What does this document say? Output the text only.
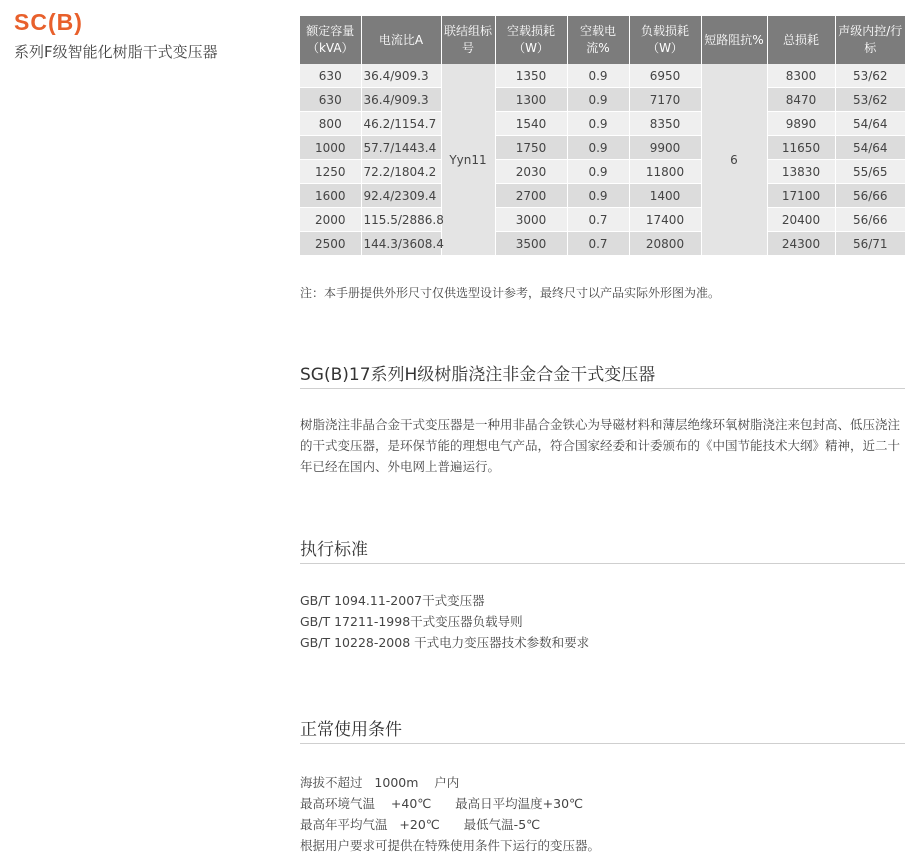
SC(B)
系列F级智能化树脂干式变压器
额定容量（kVA）	电流比A	联结组标号	空载损耗（W）	空载电流%	负载损耗（W）	短路阻抗%	总损耗	声级内控/行标
630	36.4/909.3	Yyn11	1350	0.9	6950	6	8300	53/62
630	36.4/909.3		1300	0.9	7170		8470	53/62
800	46.2/1154.7		1540	0.9	8350		9890	54/64
1000	57.7/1443.4		1750	0.9	9900		11650	54/64
1250	72.2/1804.2		2030	0.9	11800		13830	55/65
1600	92.4/2309.4		2700	0.9	1400		17100	56/66
2000	115.5/2886.8		3000	0.7	17400		20400	56/66
2500	144.3/3608.4		3500	0.7	20800		24300	56/71
注：本手册提供外形尺寸仅供选型设计参考，最终尺寸以产品实际外形图为准。
SG(B)17系列H级树脂浇注非金合金干式变压器
树脂浇注非晶合金干式变压器是一种用非晶合金铁心为导磁材料和薄层绝缘环氧树脂浇注来包封高、低压浇注的干式变压器，是环保节能的理想电气产品，符合国家经委和计委颁布的《中国节能技术大纲》精神，近二十年已经在国内、外电网上普遍运行。
执行标准
GB/T 1094.11-2007干式变压器
GB/T 17211-1998干式变压器负载导则
GB/T 10228-2008 干式电力变压器技术参数和要求
正常使用条件
海拔不超过   1000m    户内
最高环境气温    +40℃      最高日平均温度+30℃
最高年平均气温   +20℃      最低气温-5℃
根据用户要求可提供在特殊使用条件下运行的变压器。
